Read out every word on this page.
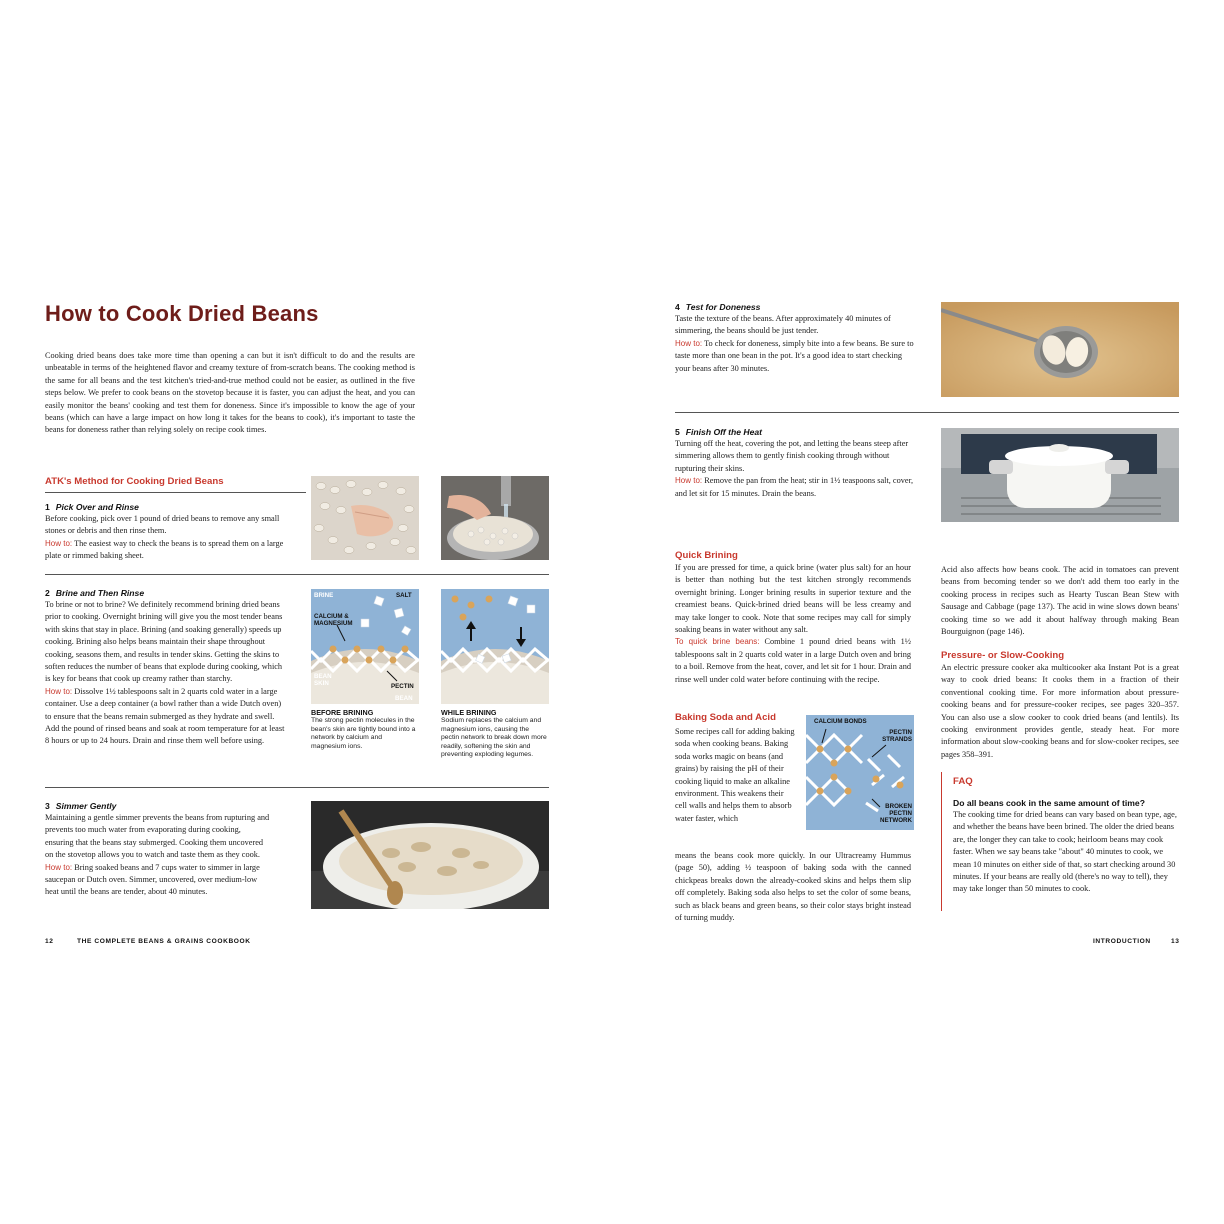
How to Cook Dried Beans

Cooking dried beans does take more time than opening a can but it isn't difficult to do and the results are unbeatable in terms of the heightened flavor and creamy texture of from-scratch beans. The cooking method is the same for all beans and the test kitchen's tried-and-true method could not be easier, as outlined in the five steps below. We prefer to cook beans on the stovetop because it is faster, you can adjust the heat, and you can easily monitor the beans' cooking and test them for doneness. Since it's impossible to know the age of your beans (which can have a large impact on how long it takes for the beans to cook), it's important to taste the beans for doneness rather than relying solely on recipe cook times.

ATK's Method for Cooking Dried Beans
1 Pick Over and Rinse

Before cooking, pick over 1 pound of dried beans to remove any small stones or debris and then rinse them.

How to: The easiest way to check the beans is to spread them on a large plate or rimmed baking sheet.

2 Brine and Then Rinse

To brine or not to brine? We definitely recommend brining dried beans prior to cooking. Overnight brining will give you the most tender beans with skins that stay in place. Brining (and soaking generally) speeds up cooking. Brining also helps beans maintain their shape throughout cooking, seasons them, and results in tender skins. Getting the skins to soften reduces the number of beans that explode during cooking, which is key for beans that cook up creamy rather than starchy.

How to: Dissolve 1½ tablespoons salt in 2 quarts cold water in a large container. Use a deep container (a bowl rather than a wide Dutch oven) to ensure that the beans remain submerged as they hydrate and swell. Add the pound of rinsed beans and soak at room temperature for at least 8 hours or up to 24 hours. Drain and rinse them well before using.

BRINE	SALT
CALCIUM & MAGNESIUM
BEAN SKIN	PECTIN
BEAN
BEFORE BRINING

The strong pectin molecules in the bean's skin are tightly bound into a network by calcium and magnesium ions.

WHILE BRINING

Sodium replaces the calcium and magnesium ions, causing the pectin network to break down more readily, softening the skin and preventing exploding legumes.

3 Simmer Gently

Maintaining a gentle simmer prevents the beans from rupturing and prevents too much water from evaporating during cooking, ensuring that the beans stay submerged. Cooking them uncovered on the stovetop allows you to watch and taste them as they cook.

How to: Bring soaked beans and 7 cups water to simmer in large saucepan or Dutch oven. Simmer, uncovered, over medium-low heat until the beans are tender, about 40 minutes.

12	THE COMPLETE BEANS & GRAINS COOKBOOK
4 Test for Doneness

Taste the texture of the beans. After approximately 40 minutes of simmering, the beans should be just tender.

How to: To check for doneness, simply bite into a few beans. Be sure to taste more than one bean in the pot. It's a good idea to start checking your beans after 30 minutes.

5 Finish Off the Heat

Turning off the heat, covering the pot, and letting the beans steep after simmering allows them to gently finish cooking through without rupturing their skins.

How to: Remove the pan from the heat; stir in 1½ teaspoons salt, cover, and let sit for 15 minutes. Drain the beans.

Quick Brining

If you are pressed for time, a quick brine (water plus salt) for an hour is better than nothing but the test kitchen strongly recommends overnight brining. Longer brining results in superior texture and the creamiest beans. Quick-brined dried beans will be less creamy and may take longer to cook. Note that some recipes may call for simply soaking beans in water without any salt.

To quick brine beans: Combine 1 pound dried beans with 1½ tablespoons salt in 2 quarts cold water in a large Dutch oven and bring to a boil. Remove from the heat, cover, and let sit for 1 hour. Drain and rinse well under cold water before continuing with the recipe.

Baking Soda and Acid

Some recipes call for adding baking soda when cooking beans. Baking soda works magic on beans (and grains) by raising the pH of their cooking liquid to make an alkaline environment. This weakens their cell walls and helps them to absorb water faster, which

means the beans cook more quickly. In our Ultracreamy Hummus (page 50), adding ½ teaspoon of baking soda with the canned chickpeas breaks down the already-cooked skins and helps them slip off completely. Baking soda also helps to set the color of some beans, such as black beans and green beans, so their color stays bright instead of turning muddy.

CALCIUM BONDS
PECTIN STRANDS
BROKEN PECTIN NETWORK

Acid also affects how beans cook. The acid in tomatoes can prevent beans from becoming tender so we don't add them too early in the cooking process in recipes such as Hearty Tuscan Bean Stew with Sausage and Cabbage (page 137). The acid in wine slows down beans' cooking time so we add it about halfway through making Bean Bourguignon (page 146).

Pressure- or Slow-Cooking

An electric pressure cooker aka multicooker aka Instant Pot is a great way to cook dried beans: It cooks them in a fraction of their conventional cooking time. For more information about pressure-cooking beans and for pressure-cooker recipes, see pages 320–357. You can also use a slow cooker to cook dried beans (and lentils). Its cooking environment provides gentle, steady heat. For more information about slow-cooking beans and for slow-cooker recipes, see pages 358–391.

FAQ
Do all beans cook in the same amount of time?

The cooking time for dried beans can vary based on bean type, age, and whether the beans have been brined. The older the dried beans are, the longer they can take to cook; heirloom beans may cook faster. When we say beans take "about" 40 minutes to cook, we mean 10 minutes on either side of that, so start checking around 30 minutes. If your beans are really old (there's no way to tell), they may take longer than 50 minutes to cook.

INTRODUCTION	13
